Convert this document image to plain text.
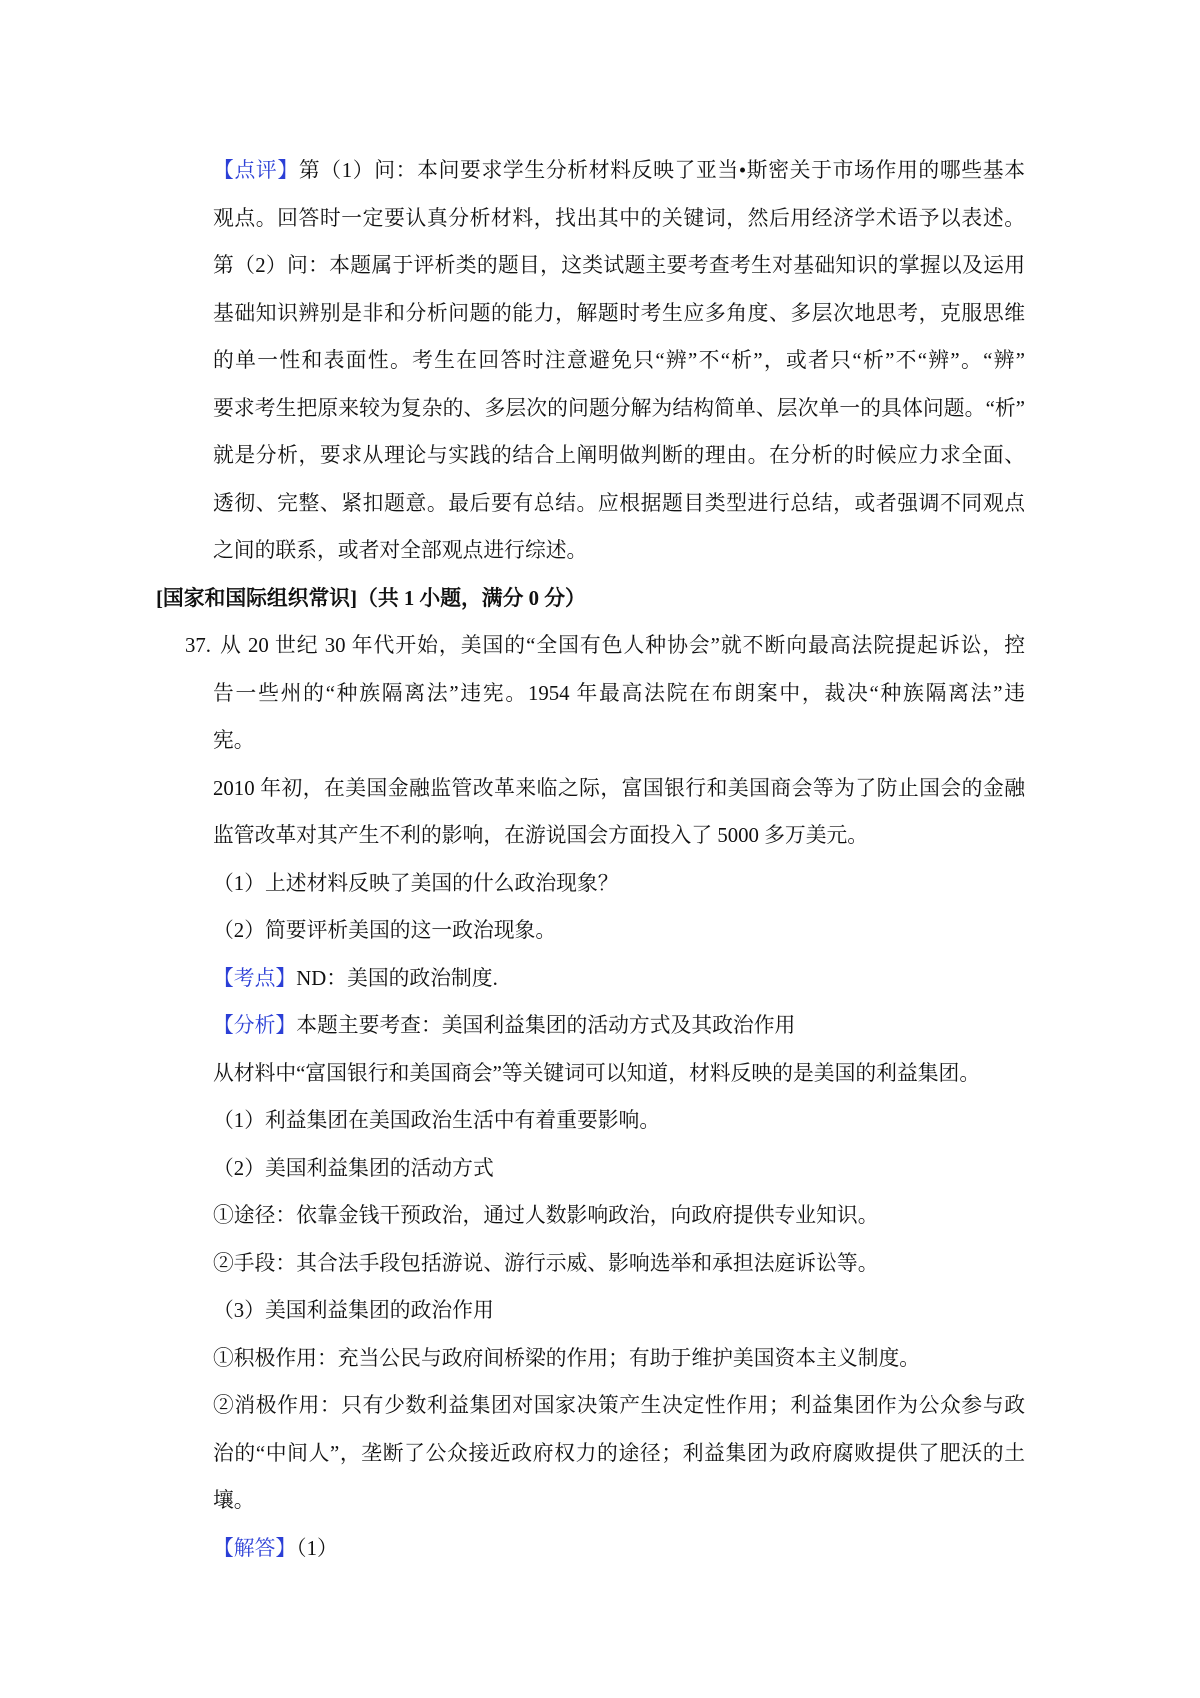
【点评】第（1）问：本问要求学生分析材料反映了亚当•斯密关于市场作用的哪些基本
观点。回答时一定要认真分析材料，找出其中的关键词，然后用经济学术语予以表述。
第（2）问：本题属于评析类的题目，这类试题主要考查考生对基础知识的掌握以及运用
基础知识辨别是非和分析问题的能力，解题时考生应多角度、多层次地思考，克服思维
的单一性和表面性。考生在回答时注意避免只“辨”不“析”，或者只“析”不“辨”。“辨”
要求考生把原来较为复杂的、多层次的问题分解为结构简单、层次单一的具体问题。“析”
就是分析，要求从理论与实践的结合上阐明做判断的理由。在分析的时候应力求全面、
透彻、完整、紧扣题意。最后要有总结。应根据题目类型进行总结，或者强调不同观点
之间的联系，或者对全部观点进行综述。
[国家和国际组织常识]（共 1 小题，满分 0 分）
37. 从 20 世纪 30 年代开始，美国的“全国有色人种协会”就不断向最高法院提起诉讼，控
告一些州的“种族隔离法”违宪。1954 年最高法院在布朗案中，裁决“种族隔离法”违
宪。
2010 年初，在美国金融监管改革来临之际，富国银行和美国商会等为了防止国会的金融
监管改革对其产生不利的影响，在游说国会方面投入了 5000 多万美元。
（1）上述材料反映了美国的什么政治现象？
（2）简要评析美国的这一政治现象。
【考点】ND：美国的政治制度.
【分析】本题主要考查：美国利益集团的活动方式及其政治作用
从材料中“富国银行和美国商会”等关键词可以知道，材料反映的是美国的利益集团。
（1）利益集团在美国政治生活中有着重要影响。
（2）美国利益集团的活动方式
①途径：依靠金钱干预政治，通过人数影响政治，向政府提供专业知识。
②手段：其合法手段包括游说、游行示威、影响选举和承担法庭诉讼等。
（3）美国利益集团的政治作用
①积极作用：充当公民与政府间桥梁的作用；有助于维护美国资本主义制度。
②消极作用：只有少数利益集团对国家决策产生决定性作用；利益集团作为公众参与政
治的“中间人”，垄断了公众接近政府权力的途径；利益集团为政府腐败提供了肥沃的土
壤。
【解答】（1）
